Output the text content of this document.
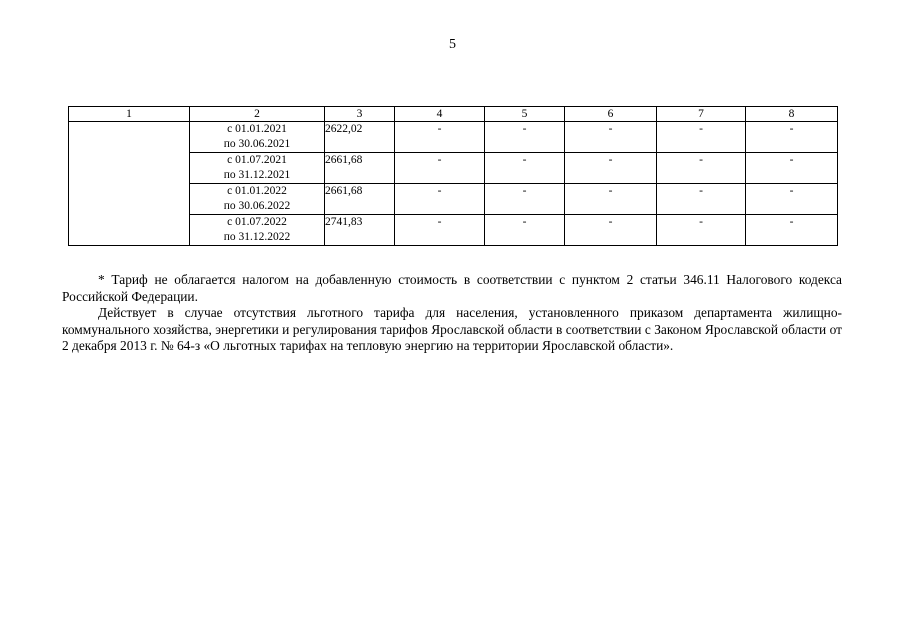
5
1	2	3	4	5	6	7	8

	с 01.01.2021
по 30.06.2021	2622,02	-	-	-	-	-

	с 01.07.2021
по 31.12.2021	2661,68	-	-	-	-	-

	с 01.01.2022
по 30.06.2022	2661,68	-	-	-	-	-

	с 01.07.2022
по 31.12.2022	2741,83	-	-	-	-	-

* Тариф не облагается налогом на добавленную стоимость в соответствии с пунктом 2 статьи 346.11 Налогового кодекса Российской Федерации.

Действует в случае отсутствия льготного тарифа для населения, установленного приказом департамента жилищно-коммунального хозяйства, энергетики и регулирования тарифов Ярославской области в соответствии с Законом Ярославской области от 2 декабря 2013 г. № 64-з «О льготных тарифах на тепловую энергию на территории Ярославской области».
